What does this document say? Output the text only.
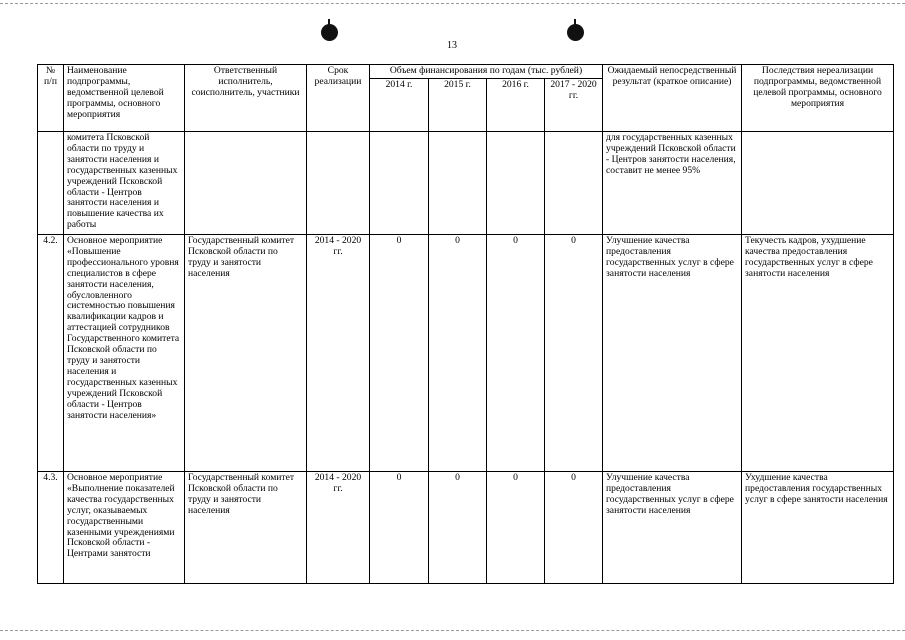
13
№ п/п	Наименование подпрограммы, ведомственной целевой программы, основного мероприятия	Ответственный исполнитель, соисполнитель, участники	Срок реализации	Объем финансирования по годам (тыс. рублей)				Ожидаемый непосредственный результат (краткое описание)	Последствия нереализации подпрограммы, ведомственной целевой программы, основного мероприятия
				2014 г.	2015 г.	2016 г.	2017 - 2020 гг.		
	комитета Псковской области по труду и занятости населения и государственных казенных учреждений Псковской области - Центров занятости населения и повышение качества их работы							для государственных казенных учреждений Псковской области - Центров занятости населения, составит не менее 95%	
4.2.	Основное мероприятие «Повышение профессионального уровня специалистов в сфере занятости населения, обусловленного системностью повышения квалификации кадров и аттестацией сотрудников Государственного комитета Псковской области по труду и занятости населения и государственных казенных учреждений Псковской области - Центров занятости населения»	Государственный комитет Псковской области по труду и занятости населения	2014 - 2020 гг.	0	0	0	0	Улучшение качества предоставления государственных услуг в сфере занятости населения	Текучесть кадров, ухудшение качества предоставления государственных услуг в сфере занятости населения
4.3.	Основное мероприятие «Выполнение показателей качества государственных услуг, оказываемых государственными казенными учреждениями Псковской области - Центрами занятости	Государственный комитет Псковской области по труду и занятости населения	2014 - 2020 гг.	0	0	0	0	Улучшение качества предоставления государственных услуг в сфере занятости населения	Ухудшение качества предоставления государственных услуг в сфере занятости населения
